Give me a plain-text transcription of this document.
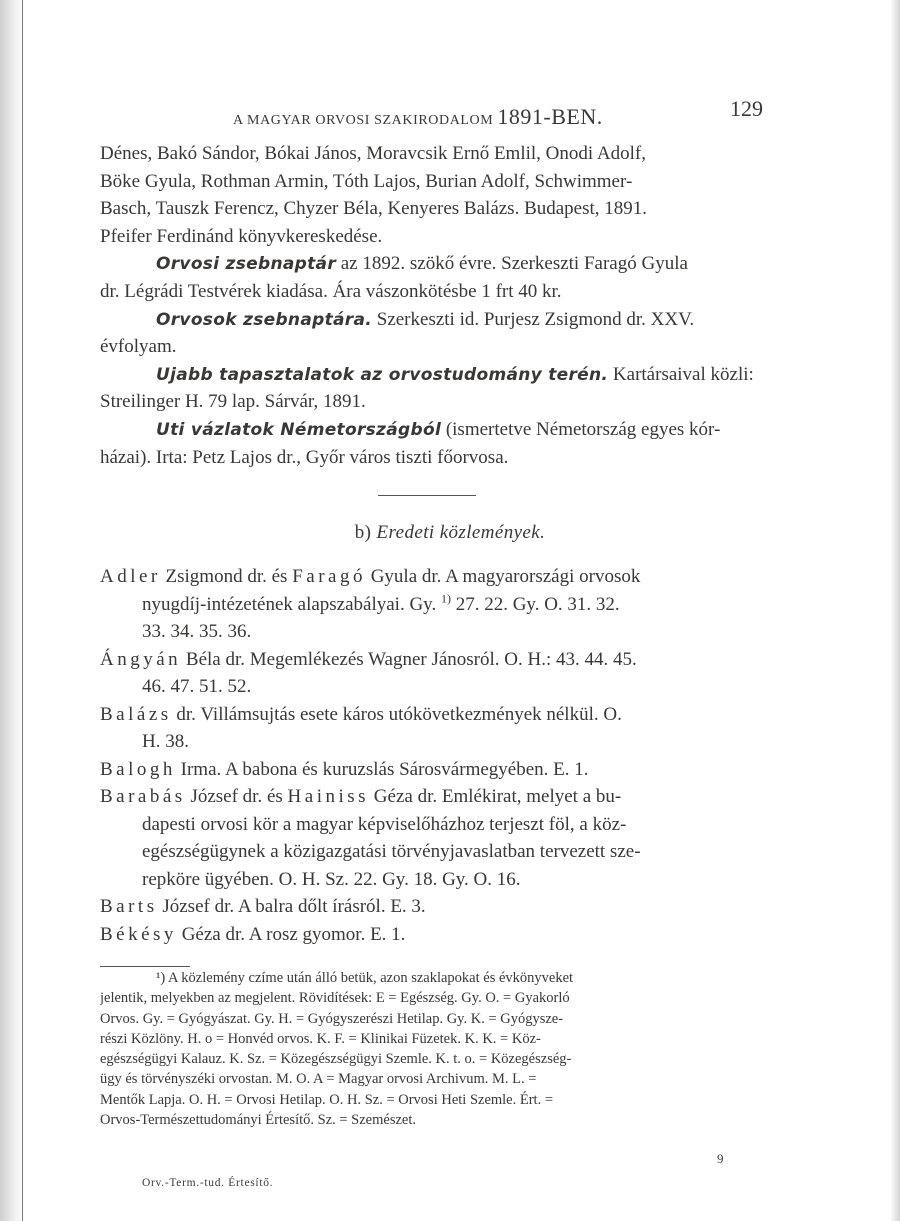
A MAGYAR ORVOSI SZAKIRODALOM 1891-BEN.	129
Dénes, Bakó Sándor, Bókai János, Moravcsik Ernő Emlil, Onodi Adolf,
Böke Gyula, Rothman Armin, Tóth Lajos, Burian Adolf, Schwimmer-
Basch, Tauszk Ferencz, Chyzer Béla, Kenyeres Balázs. Budapest, 1891.
Pfeifer Ferdinánd könyvkereskedése.
Orvosi zsebnaptár az 1892. szökő évre. Szerkeszti Faragó Gyula
dr. Légrádi Testvérek kiadása. Ára vászonkötésbe 1 frt 40 kr.
Orvosok zsebnaptára. Szerkeszti id. Purjesz Zsigmond dr. XXV.
évfolyam.
Ujabb tapasztalatok az orvostudomány terén. Kartársaival közli:
Streilinger H. 79 lap. Sárvár, 1891.
Uti vázlatok Németországból (ismertetve Németország egyes kór-
házai). Irta: Petz Lajos dr., Győr város tiszti főorvosa.
b) Eredeti közlemények.
Adler Zsigmond dr. és Faragó Gyula dr. A magyarországi orvosok
nyugdíj-intézetének alapszabályai. Gy. $^{1)}$ 27. 22. Gy. O. 31. 32.
33. 34. 35. 36.
Ángyán Béla dr. Megemlékezés Wagner Jánosról. O. H.: 43. 44. 45.
46. 47. 51. 52.
Balázs dr. Villámsujtás esete káros utókövetkezmények nélkül. O.
H. 38.
Balogh Irma. A babona és kuruzslás Sárosvármegyében. E. 1.
Barabás József dr. és Hainiss Géza dr. Emlékirat, melyet a bu-
dapesti orvosi kör a magyar képviselőházhoz terjeszt föl, a köz-
egészségügynek a közigazgatási törvényjavaslatban tervezett sze-
repköre ügyében. O. H. Sz. 22. Gy. 18. Gy. O. 16.
Barts József dr. A balra dőlt írásról. E. 3.
Békésy Géza dr. A rosz gyomor. E. 1.
¹) A közlemény czíme után álló betük, azon szaklapokat és évkönyveket
jelentik, melyekben az megjelent. Rövidítések: E = Egészség. Gy. O. = Gyakorló
Orvos. Gy. = Gyógyászat. Gy. H. = Gyógyszerészi Hetilap. Gy. K. = Gyógysze-
részi Közlöny. H. o = Honvéd orvos. K. F. = Klinikai Füzetek. K. K. = Köz-
egészségügyi Kalauz. K. Sz. = Közegészségügyi Szemle. K. t. o. = Közegészség-
ügy és törvényszéki orvostan. M. O. A = Magyar orvosi Archivum. M. L. =
Mentők Lapja. O. H. = Orvosi Hetilap. O. H. Sz. = Orvosi Heti Szemle. Ért. =
Orvos-Természettudományi Értesítő. Sz. = Szemészet.
9
Orv.-Term.-tud. Értesítő.
